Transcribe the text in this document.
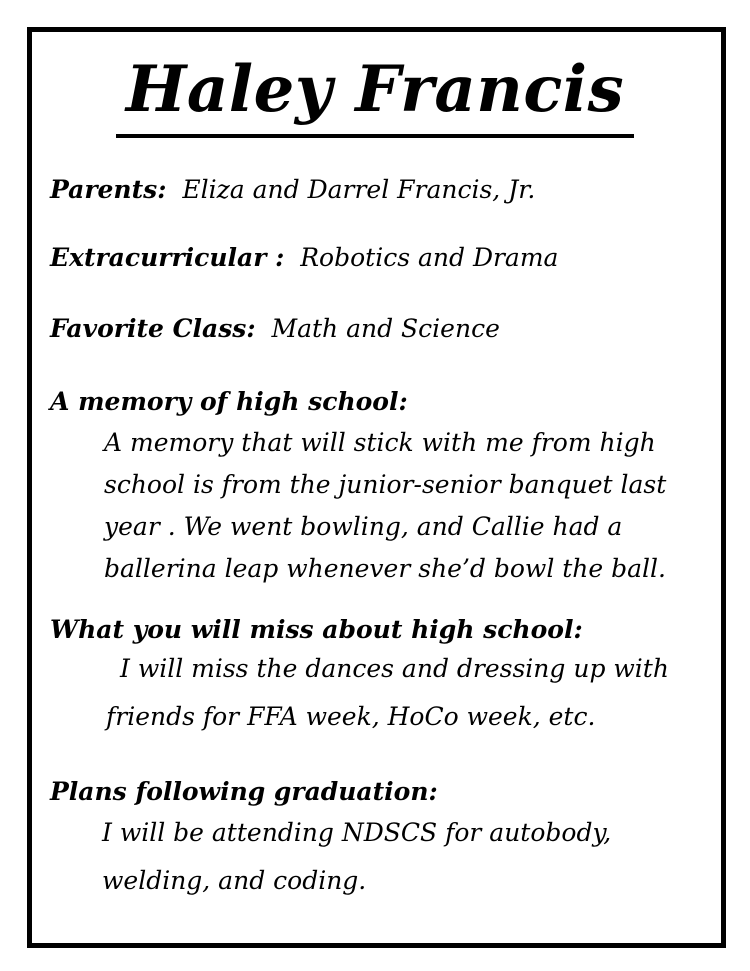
Haley Francis
Parents: Eliza and Darrel Francis, Jr.
Extracurricular : Robotics and Drama
Favorite Class: Math and Science
A memory of high school:
A memory that will stick with me from high
school is from the junior-senior banquet last
year . We went bowling, and Callie had a
ballerina leap whenever she’d bowl the ball.
What you will miss about high school:
I will miss the dances and dressing up with
friends for FFA week, HoCo week, etc.
Plans following graduation:
I will be attending NDSCS for autobody,
welding, and coding.
